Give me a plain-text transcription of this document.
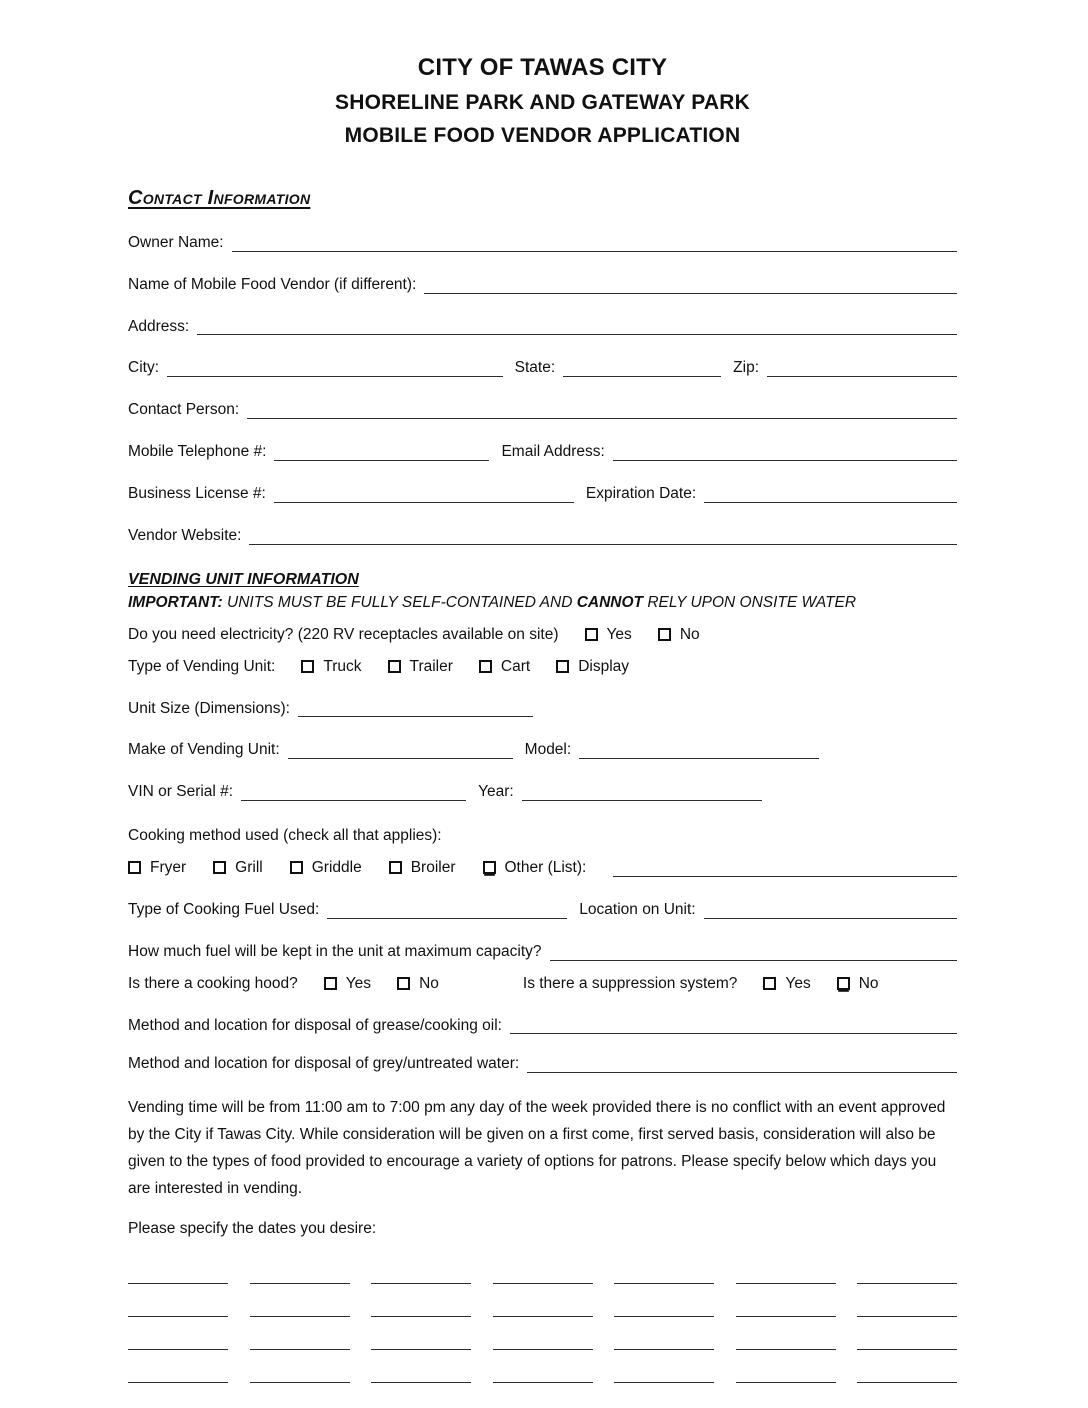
CITY OF TAWAS CITY
SHORELINE PARK AND GATEWAY PARK
MOBILE FOOD VENDOR APPLICATION
Contact Information
Owner Name:
Name of Mobile Food Vendor (if different):
Address:
City:	State:	Zip:
Contact Person:
Mobile Telephone #:	Email Address:
Business License #:	Expiration Date:
Vendor Website:
VENDING UNIT INFORMATION
IMPORTANT: UNITS MUST BE FULLY SELF-CONTAINED AND CANNOT RELY UPON ONSITE WATER
Do you need electricity? (220 RV receptacles available on site)	Yes	No
Type of Vending Unit:	Truck	Trailer	Cart	Display
Unit Size (Dimensions):
Make of Vending Unit:	Model:
VIN or Serial #:	Year:
Cooking method used (check all that applies):
Fryer	Grill	Griddle	Broiler	Other (List):
Type of Cooking Fuel Used:	Location on Unit:
How much fuel will be kept in the unit at maximum capacity?
Is there a cooking hood?	Yes	No	Is there a suppression system?	Yes	No
Method and location for disposal of grease/cooking oil:
Method and location for disposal of grey/untreated water:

Vending time will be from 11:00 am to 7:00 pm any day of the week provided there is no conflict with an event approved by the City if Tawas City. While consideration will be given on a first come, first served basis, consideration will also be given to the types of food provided to encourage a variety of options for patrons. Please specify below which days you are interested in vending.

Please specify the dates you desire:
